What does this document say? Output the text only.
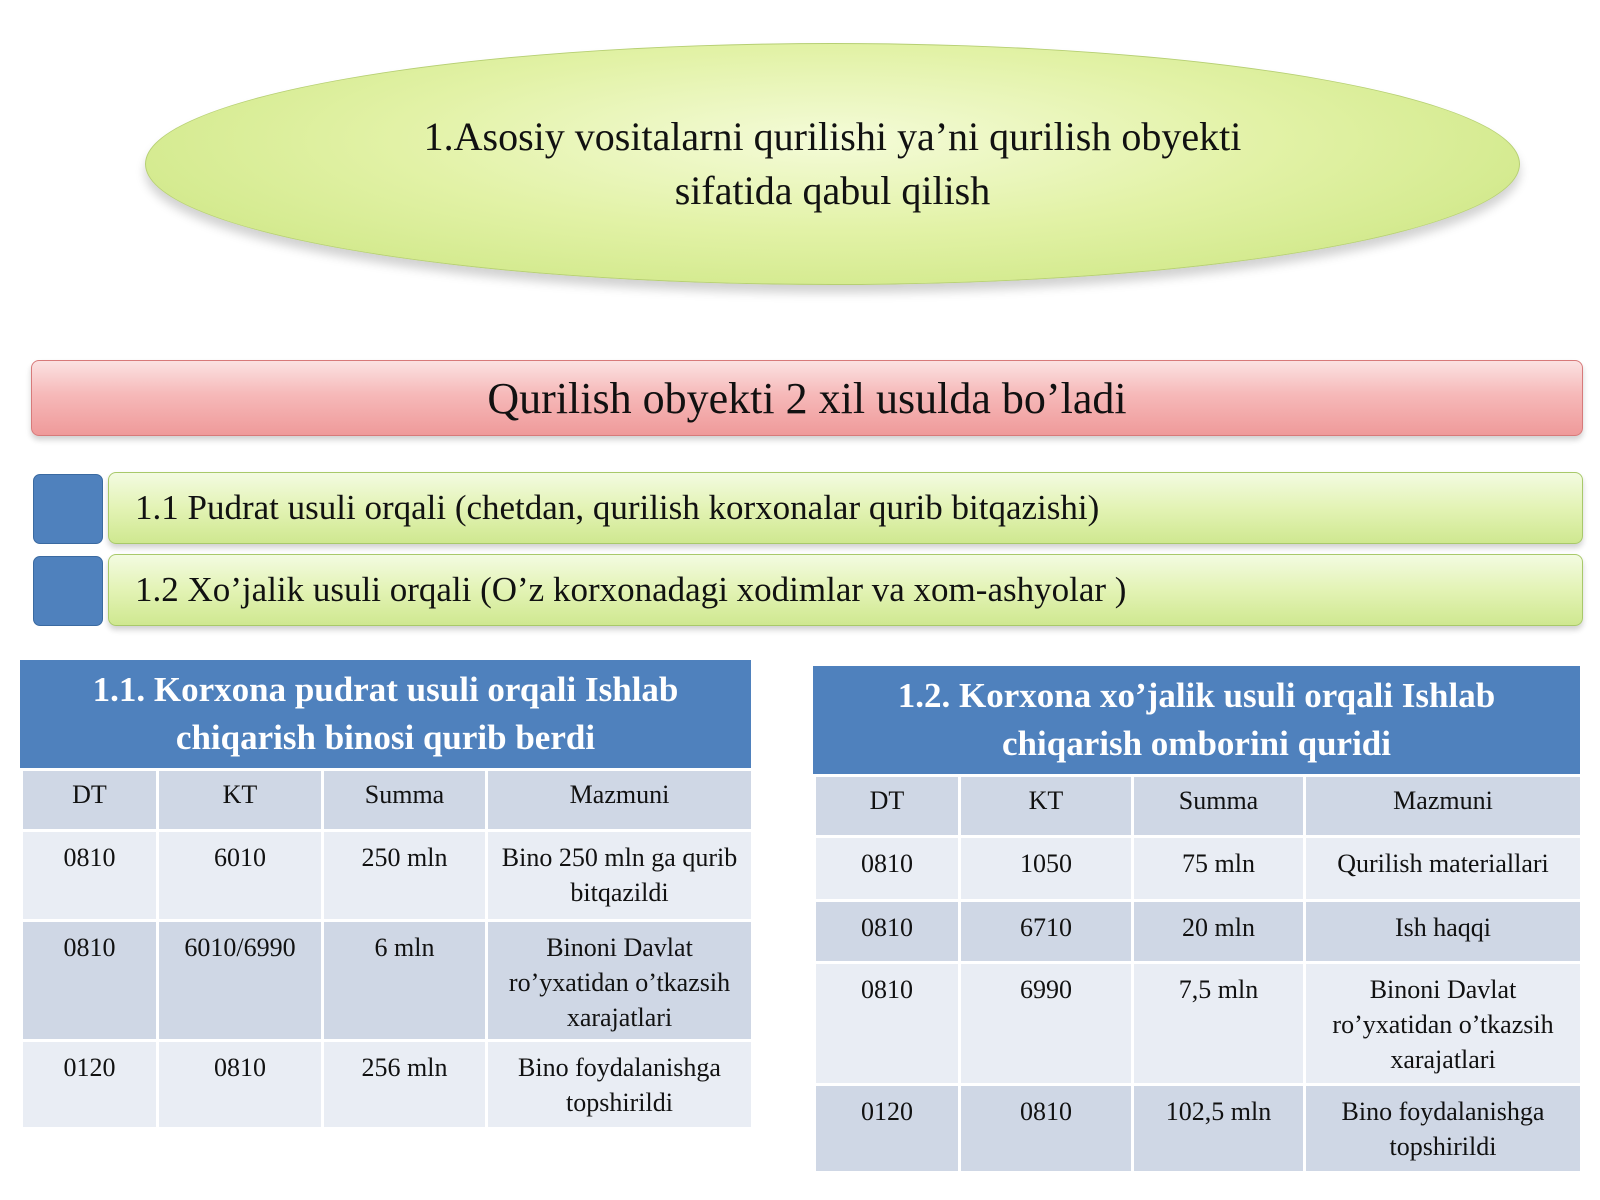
1.Asosiy vositalarni qurilishi ya’ni qurilish obyekti
sifatida qabul qilish
Qurilish obyekti 2 xil usulda bo’ladi
1.1 Pudrat usuli orqali (chetdan, qurilish korxonalar qurib bitqazishi)
1.2 Xo’jalik usuli orqali (O’z korxonadagi xodimlar va xom-ashyolar )
1.1. Korxona pudrat usuli orqali Ishlab
chiqarish binosi qurib berdi
DT	KT	Summa	Mazmuni
0810	6010	250 mln	Bino 250 mln ga qurib bitqazildi
0810	6010/6990	6 mln	Binoni Davlat ro’yxatidan o’tkazsih xarajatlari
0120	0810	256 mln	Bino foydalanishga topshirildi
1.2. Korxona xo’jalik usuli orqali Ishlab
chiqarish omborini quridi
DT	KT	Summa	Mazmuni
0810	1050	75 mln	Qurilish materiallari
0810	6710	20 mln	Ish haqqi
0810	6990	7,5 mln	Binoni Davlat ro’yxatidan o’tkazsih xarajatlari
0120	0810	102,5 mln	Bino foydalanishga topshirildi
